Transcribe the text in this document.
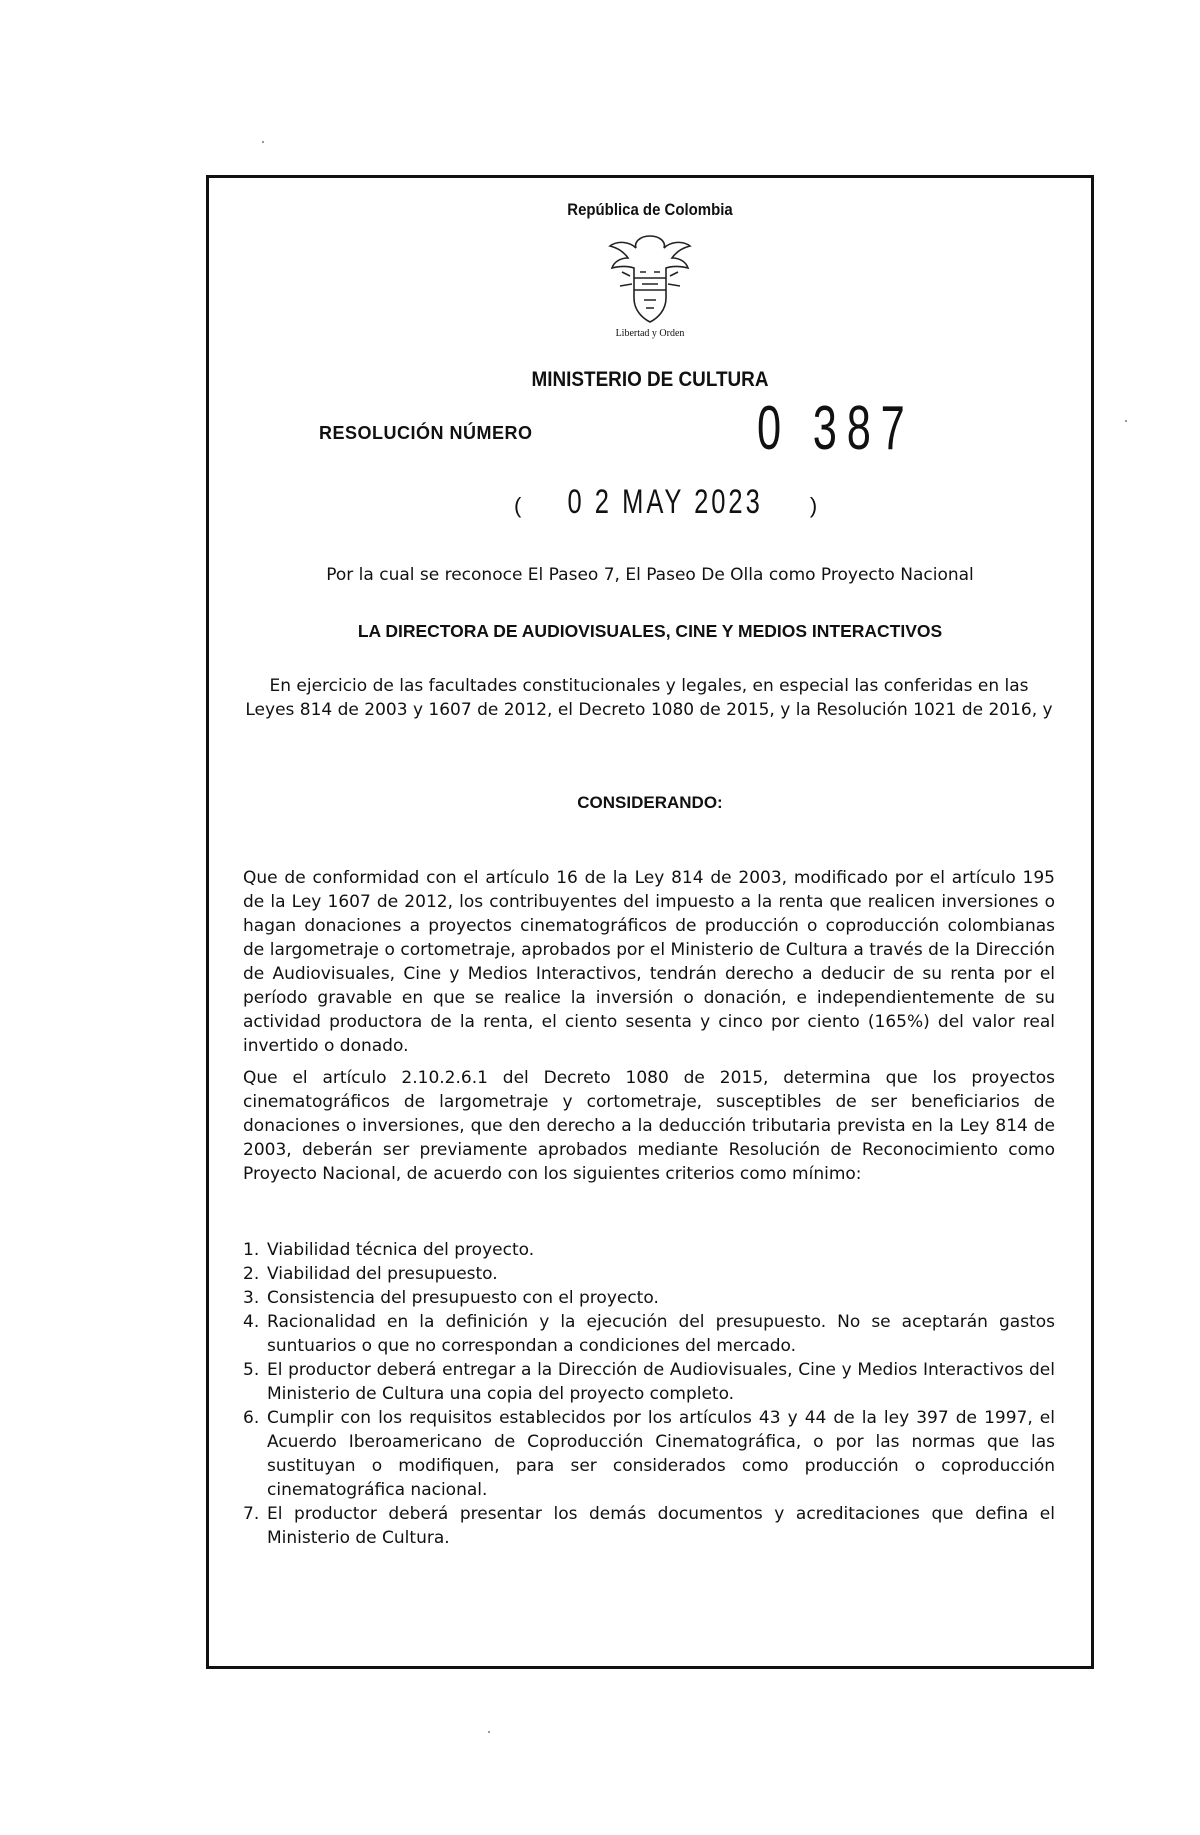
República de Colombia
Libertad y Orden
MINISTERIO DE CULTURA
RESOLUCIÓN NÚMERO	0 387
( 0 2 MAY 2023 )
Por la cual se reconoce El Paseo 7, El Paseo De Olla como Proyecto Nacional
LA DIRECTORA DE AUDIOVISUALES, CINE Y MEDIOS INTERACTIVOS
En ejercicio de las facultades constitucionales y legales, en especial las conferidas en las Leyes 814 de 2003 y 1607 de 2012, el Decreto 1080 de 2015, y la Resolución 1021 de 2016, y
CONSIDERANDO:
Que de conformidad con el artículo 16 de la Ley 814 de 2003, modificado por el artículo 195 de la Ley 1607 de 2012, los contribuyentes del impuesto a la renta que realicen inversiones o hagan donaciones a proyectos cinematográficos de producción o coproducción colombianas de largometraje o cortometraje, aprobados por el Ministerio de Cultura a través de la Dirección de Audiovisuales, Cine y Medios Interactivos, tendrán derecho a deducir de su renta por el período gravable en que se realice la inversión o donación, e independientemente de su actividad productora de la renta, el ciento sesenta y cinco por ciento (165%) del valor real invertido o donado.
Que el artículo 2.10.2.6.1 del Decreto 1080 de 2015, determina que los proyectos cinematográficos de largometraje y cortometraje, susceptibles de ser beneficiarios de donaciones o inversiones, que den derecho a la deducción tributaria prevista en la Ley 814 de 2003, deberán ser previamente aprobados mediante Resolución de Reconocimiento como Proyecto Nacional, de acuerdo con los siguientes criterios como mínimo:
1. Viabilidad técnica del proyecto.
2. Viabilidad del presupuesto.
3. Consistencia del presupuesto con el proyecto.
4. Racionalidad en la definición y la ejecución del presupuesto. No se aceptarán gastos suntuarios o que no correspondan a condiciones del mercado.
5. El productor deberá entregar a la Dirección de Audiovisuales, Cine y Medios Interactivos del Ministerio de Cultura una copia del proyecto completo.
6. Cumplir con los requisitos establecidos por los artículos 43 y 44 de la ley 397 de 1997, el Acuerdo Iberoamericano de Coproducción Cinematográfica, o por las normas que las sustituyan o modifiquen, para ser considerados como producción o coproducción cinematográfica nacional.
7. El productor deberá presentar los demás documentos y acreditaciones que defina el Ministerio de Cultura.
